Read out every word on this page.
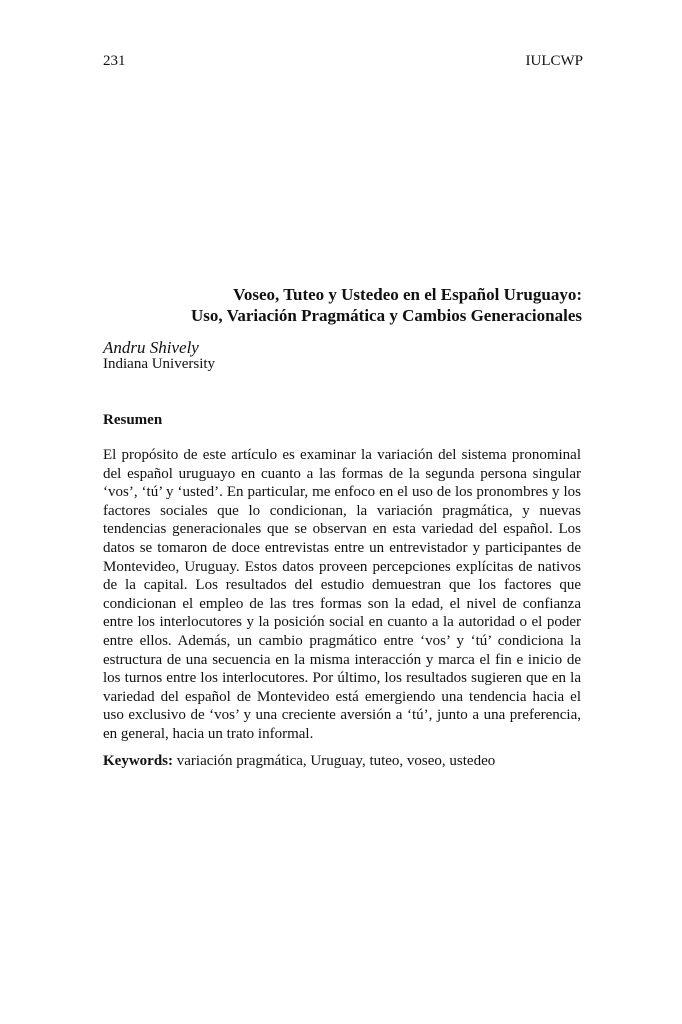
231	IULCWP
Voseo, Tuteo y Ustedeo en el Español Uruguayo:
Uso, Variación Pragmática y Cambios Generacionales
Andru Shively
Indiana University
Resumen

El propósito de este artículo es examinar la variación del sistema pronominal del español uruguayo en cuanto a las formas de la segunda persona singular ‘vos’, ‘tú’ y ‘usted’. En particular, me enfoco en el uso de los pronombres y los factores sociales que lo condicionan, la variación pragmática, y nuevas tendencias generacionales que se observan en esta variedad del español. Los datos se tomaron de doce entrevistas entre un entrevistador y participantes de Montevideo, Uruguay. Estos datos proveen percepciones explícitas de nativos de la capital. Los resultados del estudio demuestran que los factores que condicionan el empleo de las tres formas son la edad, el nivel de confianza entre los interlocutores y la posición social en cuanto a la autoridad o el poder entre ellos. Además, un cambio pragmático entre ‘vos’ y ‘tú’ condiciona la estructura de una secuencia en la misma interacción y marca el fin e inicio de los turnos entre los interlocutores. Por último, los resultados sugieren que en la variedad del español de Montevideo está emergiendo una tendencia hacia el uso exclusivo de ‘vos’ y una creciente aversión a ‘tú’, junto a una preferencia, en general, hacia un trato informal.

Keywords: variación pragmática, Uruguay, tuteo, voseo, ustedeo
